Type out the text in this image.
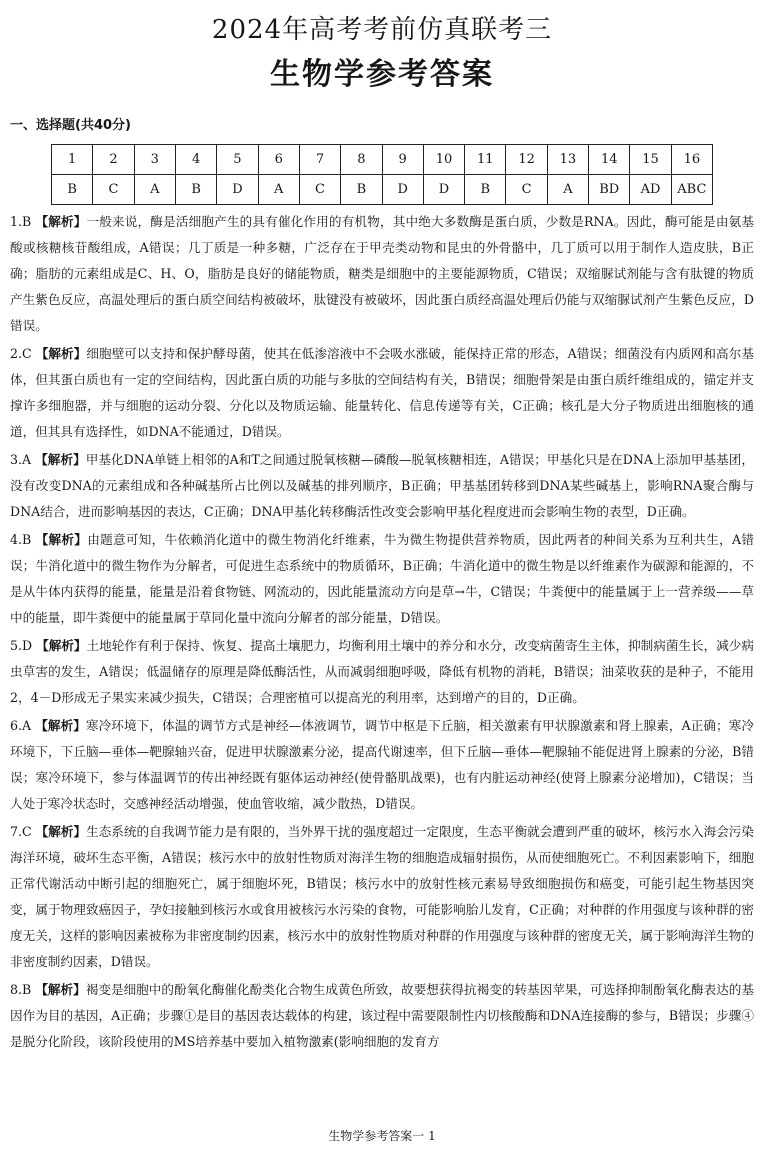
2024年高考考前仿真联考三
生物学参考答案
一、选择题(共40分)
1	2	3	4	5	6	7	8	9	10	11	12	13	14	15	16
B	C	A	B	D	A	C	B	D	D	B	C	A	BD	AD	ABC

1.B 【解析】一般来说，酶是活细胞产生的具有催化作用的有机物，其中绝大多数酶是蛋白质，少数是RNA。因此，酶可能是由氨基酸或核糖核苷酸组成，A错误；几丁质是一种多糖，广泛存在于甲壳类动物和昆虫的外骨骼中，几丁质可以用于制作人造皮肤，B正确；脂肪的元素组成是C、H、O，脂肪是良好的储能物质，糖类是细胞中的主要能源物质，C错误；双缩脲试剂能与含有肽键的物质产生紫色反应，高温处理后的蛋白质空间结构被破坏，肽键没有被破坏，因此蛋白质经高温处理后仍能与双缩脲试剂产生紫色反应，D错误。

2.C 【解析】细胞壁可以支持和保护酵母菌，使其在低渗溶液中不会吸水涨破，能保持正常的形态，A错误；细菌没有内质网和高尔基体，但其蛋白质也有一定的空间结构，因此蛋白质的功能与多肽的空间结构有关，B错误；细胞骨架是由蛋白质纤维组成的，锚定并支撑许多细胞器，并与细胞的运动分裂、分化以及物质运输、能量转化、信息传递等有关，C正确；核孔是大分子物质进出细胞核的通道，但其具有选择性，如DNA不能通过，D错误。

3.A 【解析】甲基化DNA单链上相邻的A和T之间通过脱氧核糖—磷酸—脱氧核糖相连，A错误；甲基化只是在DNA上添加甲基基团，没有改变DNA的元素组成和各种碱基所占比例以及碱基的排列顺序，B正确；甲基基团转移到DNA某些碱基上，影响RNA聚合酶与DNA结合，进而影响基因的表达，C正确；DNA甲基化转移酶活性改变会影响甲基化程度进而会影响生物的表型，D正确。

4.B 【解析】由题意可知，牛依赖消化道中的微生物消化纤维素，牛为微生物提供营养物质，因此两者的种间关系为互利共生，A错误；牛消化道中的微生物作为分解者，可促进生态系统中的物质循环，B正确；牛消化道中的微生物是以纤维素作为碳源和能源的，不是从牛体内获得的能量，能量是沿着食物链、网流动的，因此能量流动方向是草→牛，C错误；牛粪便中的能量属于上一营养级——草中的能量，即牛粪便中的能量属于草同化量中流向分解者的部分能量，D错误。

5.D 【解析】土地轮作有利于保持、恢复、提高土壤肥力，均衡利用土壤中的养分和水分，改变病菌寄生主体，抑制病菌生长，减少病虫草害的发生，A错误；低温储存的原理是降低酶活性，从而减弱细胞呼吸，降低有机物的消耗，B错误；油菜收获的是种子，不能用2，4－D形成无子果实来减少损失，C错误；合理密植可以提高光的利用率，达到增产的目的，D正确。

6.A 【解析】寒冷环境下，体温的调节方式是神经—体液调节，调节中枢是下丘脑，相关激素有甲状腺激素和肾上腺素，A正确；寒冷环境下，下丘脑—垂体—靶腺轴兴奋，促进甲状腺激素分泌，提高代谢速率，但下丘脑—垂体—靶腺轴不能促进肾上腺素的分泌，B错误；寒冷环境下，参与体温调节的传出神经既有躯体运动神经(使骨骼肌战栗)，也有内脏运动神经(使肾上腺素分泌增加)，C错误；当人处于寒冷状态时，交感神经活动增强，使血管收缩，减少散热，D错误。

7.C 【解析】生态系统的自我调节能力是有限的，当外界干扰的强度超过一定限度，生态平衡就会遭到严重的破坏，核污水入海会污染海洋环境，破坏生态平衡，A错误；核污水中的放射性物质对海洋生物的细胞造成辐射损伤，从而使细胞死亡。不利因素影响下，细胞正常代谢活动中断引起的细胞死亡，属于细胞坏死，B错误；核污水中的放射性核元素易导致细胞损伤和癌变，可能引起生物基因突变，属于物理致癌因子，孕妇接触到核污水或食用被核污水污染的食物，可能影响胎儿发育，C正确；对种群的作用强度与该种群的密度无关，这样的影响因素被称为非密度制约因素，核污水中的放射性物质对种群的作用强度与该种群的密度无关，属于影响海洋生物的非密度制约因素，D错误。

8.B 【解析】褐变是细胞中的酚氧化酶催化酚类化合物生成黄色所致，故要想获得抗褐变的转基因苹果，可选择抑制酚氧化酶表达的基因作为目的基因，A正确；步骤①是目的基因表达载体的构建，该过程中需要限制性内切核酸酶和DNA连接酶的参与，B错误；步骤④是脱分化阶段，该阶段使用的MS培养基中要加入植物激素(影响细胞的发育方

生物学参考答案一 1
